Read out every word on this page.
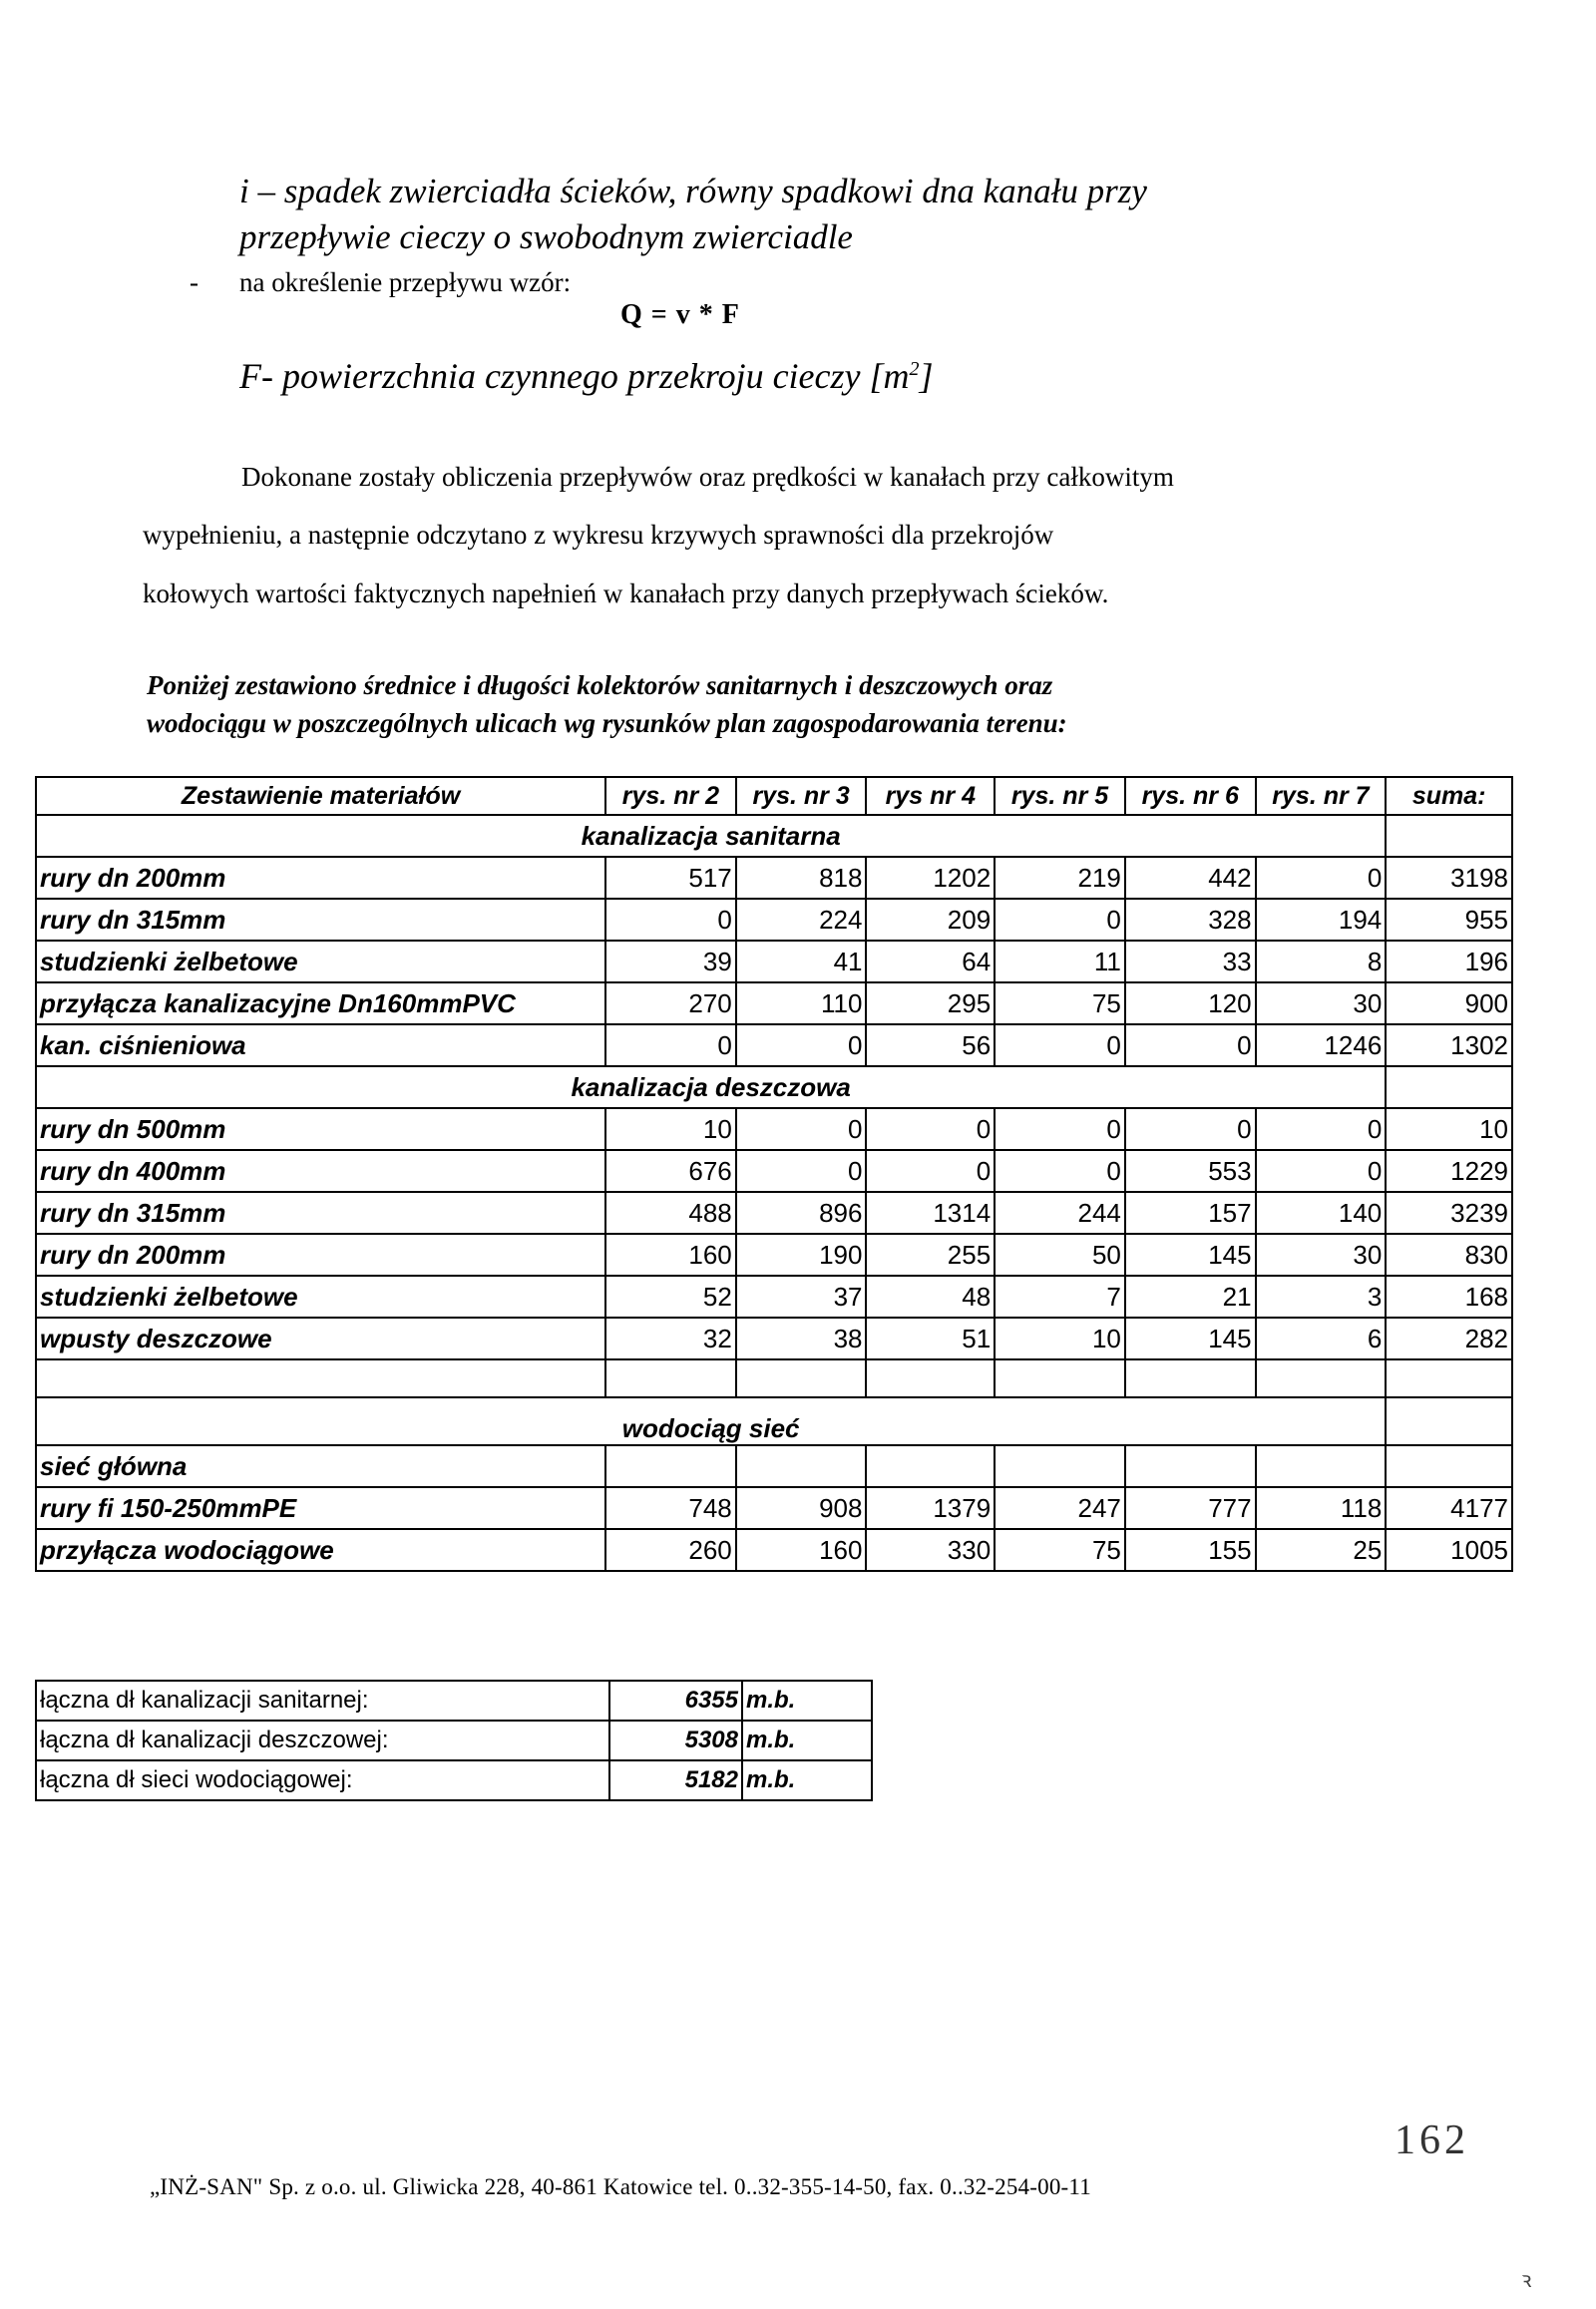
i – spadek zwierciadła ścieków, równy spadkowi dna kanału przy
przepływie cieczy o swobodnym zwierciadle
- na określenie przepływu wzór:
Q = v * F
F- powierzchnia czynnego przekroju cieczy $[m^2]$
Dokonane zostały obliczenia przepływów oraz prędkości w kanałach przy całkowitym
wypełnieniu, a następnie odczytano z wykresu krzywych sprawności dla przekrojów
kołowych wartości faktycznych napełnień w kanałach przy danych przepływach ścieków.
Poniżej zestawiono średnice i długości kolektorów sanitarnych i deszczowych oraz
wodociągu w poszczególnych ulicach wg rysunków plan zagospodarowania terenu:
Zestawienie materiałów	rys. nr 2	rys. nr 3	rys nr 4	rys. nr 5	rys. nr 6	rys. nr 7	suma:
kanalizacja sanitarna							
rury dn 200mm	517	818	1202	219	442	0	3198
rury dn 315mm	0	224	209	0	328	194	955
studzienki żelbetowe	39	41	64	11	33	8	196
przyłącza kanalizacyjne Dn160mmPVC	270	110	295	75	120	30	900
kan. ciśnieniowa	0	0	56	0	0	1246	1302
kanalizacja deszczowa							
rury dn 500mm	10	0	0	0	0	0	10
rury dn 400mm	676	0	0	0	553	0	1229
rury dn 315mm	488	896	1314	244	157	140	3239
rury dn 200mm	160	190	255	50	145	30	830
studzienki żelbetowe	52	37	48	7	21	3	168
wpusty deszczowe	32	38	51	10	145	6	282

wodociąg sieć							
sieć główna							
rury fi 150-250mmPE	748	908	1379	247	777	118	4177
przyłącza wodociągowe	260	160	330	75	155	25	1005
łączna dł kanalizacji sanitarnej:	6355	m.b.
łączna dł kanalizacji deszczowej:	5308	m.b.
łączna dł sieci wodociągowej:	5182	m.b.
162
„INŻ-SAN" Sp. z o.o. ul. Gliwicka 228, 40-861 Katowice tel. 0..32-355-14-50, fax. 0..32-254-00-11
ꝛ
